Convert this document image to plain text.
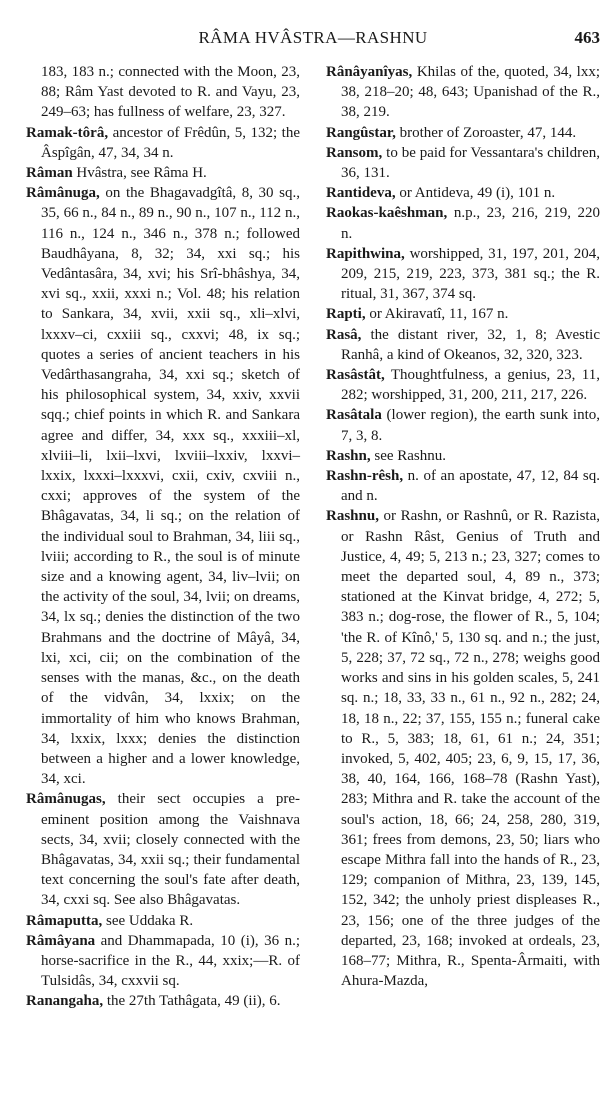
RÂMA HVÂSTRA—RASHNU	463

183, 183 n.; connected with the Moon, 23, 88; Râm Yast devoted to R. and Vayu, 23, 249–63; has fullness of welfare, 23, 327.

Ramak-tôrâ, ancestor of Frêdûn, 5, 132; the Âspîgân, 47, 34, 34 n.

Râman Hvâstra, see Râma H.

Râmânuga, on the Bhagavadgîtâ, 8, 30 sq., 35, 66 n., 84 n., 89 n., 90 n., 107 n., 112 n., 116 n., 124 n., 346 n., 378 n.; followed Baudhâyana, 8, 32; 34, xxi sq.; his Vedântasâra, 34, xvi; his Srî-bhâshya, 34, xvi sq., xxii, xxxi n.; Vol. 48; his relation to Sankara, 34, xvii, xxii sq., xli–xlvi, lxxxv–ci, cxxiii sq., cxxvi; 48, ix sq.; quotes a series of ancient teachers in his Vedârthasangraha, 34, xxi sq.; sketch of his philosophical system, 34, xxiv, xxvii sqq.; chief points in which R. and Sankara agree and differ, 34, xxx sq., xxxiii–xl, xlviii–li, lxii–lxvi, lxviii–lxxiv, lxxvi–lxxix, lxxxi–lxxxvi, cxii, cxiv, cxviii n., cxxi; approves of the system of the Bhâgavatas, 34, li sq.; on the relation of the individual soul to Brahman, 34, liii sq., lviii; according to R., the soul is of minute size and a knowing agent, 34, liv–lvii; on the activity of the soul, 34, lvii; on dreams, 34, lx sq.; denies the distinction of the two Brahmans and the doctrine of Mâyâ, 34, lxi, xci, cii; on the combination of the senses with the manas, &c., on the death of the vidvân, 34, lxxix; on the immortality of him who knows Brahman, 34, lxxix, lxxx; denies the distinction between a higher and a lower knowledge, 34, xci.

Râmânugas, their sect occupies a pre-eminent position among the Vaishnava sects, 34, xvii; closely connected with the Bhâgavatas, 34, xxii sq.; their fundamental text concerning the soul's fate after death, 34, cxxi sq. See also Bhâgavatas.

Râmaputta, see Uddaka R.

Râmâyana and Dhammapada, 10 (i), 36 n.; horse-sacrifice in the R., 44, xxix;—R. of Tulsidâs, 34, cxxvii sq.

Ranangaha, the 27th Tathâgata, 49 (ii), 6.

Rânâyanîyas, Khilas of the, quoted, 34, lxx; 38, 218–20; 48, 643; Upanishad of the R., 38, 219.

Rangûstar, brother of Zoroaster, 47, 144.

Ransom, to be paid for Vessantara's children, 36, 131.

Rantideva, or Antideva, 49 (i), 101 n.

Raokas-kaêshman, n.p., 23, 216, 219, 220 n.

Rapithwina, worshipped, 31, 197, 201, 204, 209, 215, 219, 223, 373, 381 sq.; the R. ritual, 31, 367, 374 sq.

Rapti, or Akiravatî, 11, 167 n.

Rasâ, the distant river, 32, 1, 8; Avestic Ranhâ, a kind of Okeanos, 32, 320, 323.

Rasâstât, Thoughtfulness, a genius, 23, 11, 282; worshipped, 31, 200, 211, 217, 226.

Rasâtala (lower region), the earth sunk into, 7, 3, 8.

Rashn, see Rashnu.

Rashn-rêsh, n. of an apostate, 47, 12, 84 sq. and n.

Rashnu, or Rashn, or Rashnû, or R. Razista, or Rashn Râst, Genius of Truth and Justice, 4, 49; 5, 213 n.; 23, 327; comes to meet the departed soul, 4, 89 n., 373; stationed at the Kinvat bridge, 4, 272; 5, 383 n.; dog-rose, the flower of R., 5, 104; 'the R. of Kînô,' 5, 130 sq. and n.; the just, 5, 228; 37, 72 sq., 72 n., 278; weighs good works and sins in his golden scales, 5, 241 sq. n.; 18, 33, 33 n., 61 n., 92 n., 282; 24, 18, 18 n., 22; 37, 155, 155 n.; funeral cake to R., 5, 383; 18, 61, 61 n.; 24, 351; invoked, 5, 402, 405; 23, 6, 9, 15, 17, 36, 38, 40, 164, 166, 168–78 (Rashn Yast), 283; Mithra and R. take the account of the soul's action, 18, 66; 24, 258, 280, 319, 361; frees from demons, 23, 50; liars who escape Mithra fall into the hands of R., 23, 129; companion of Mithra, 23, 139, 145, 152, 342; the unholy priest displeases R., 23, 156; one of the three judges of the departed, 23, 168; invoked at ordeals, 23, 168–77; Mithra, R., Spenta-Ârmaiti, with Ahura-Mazda,
